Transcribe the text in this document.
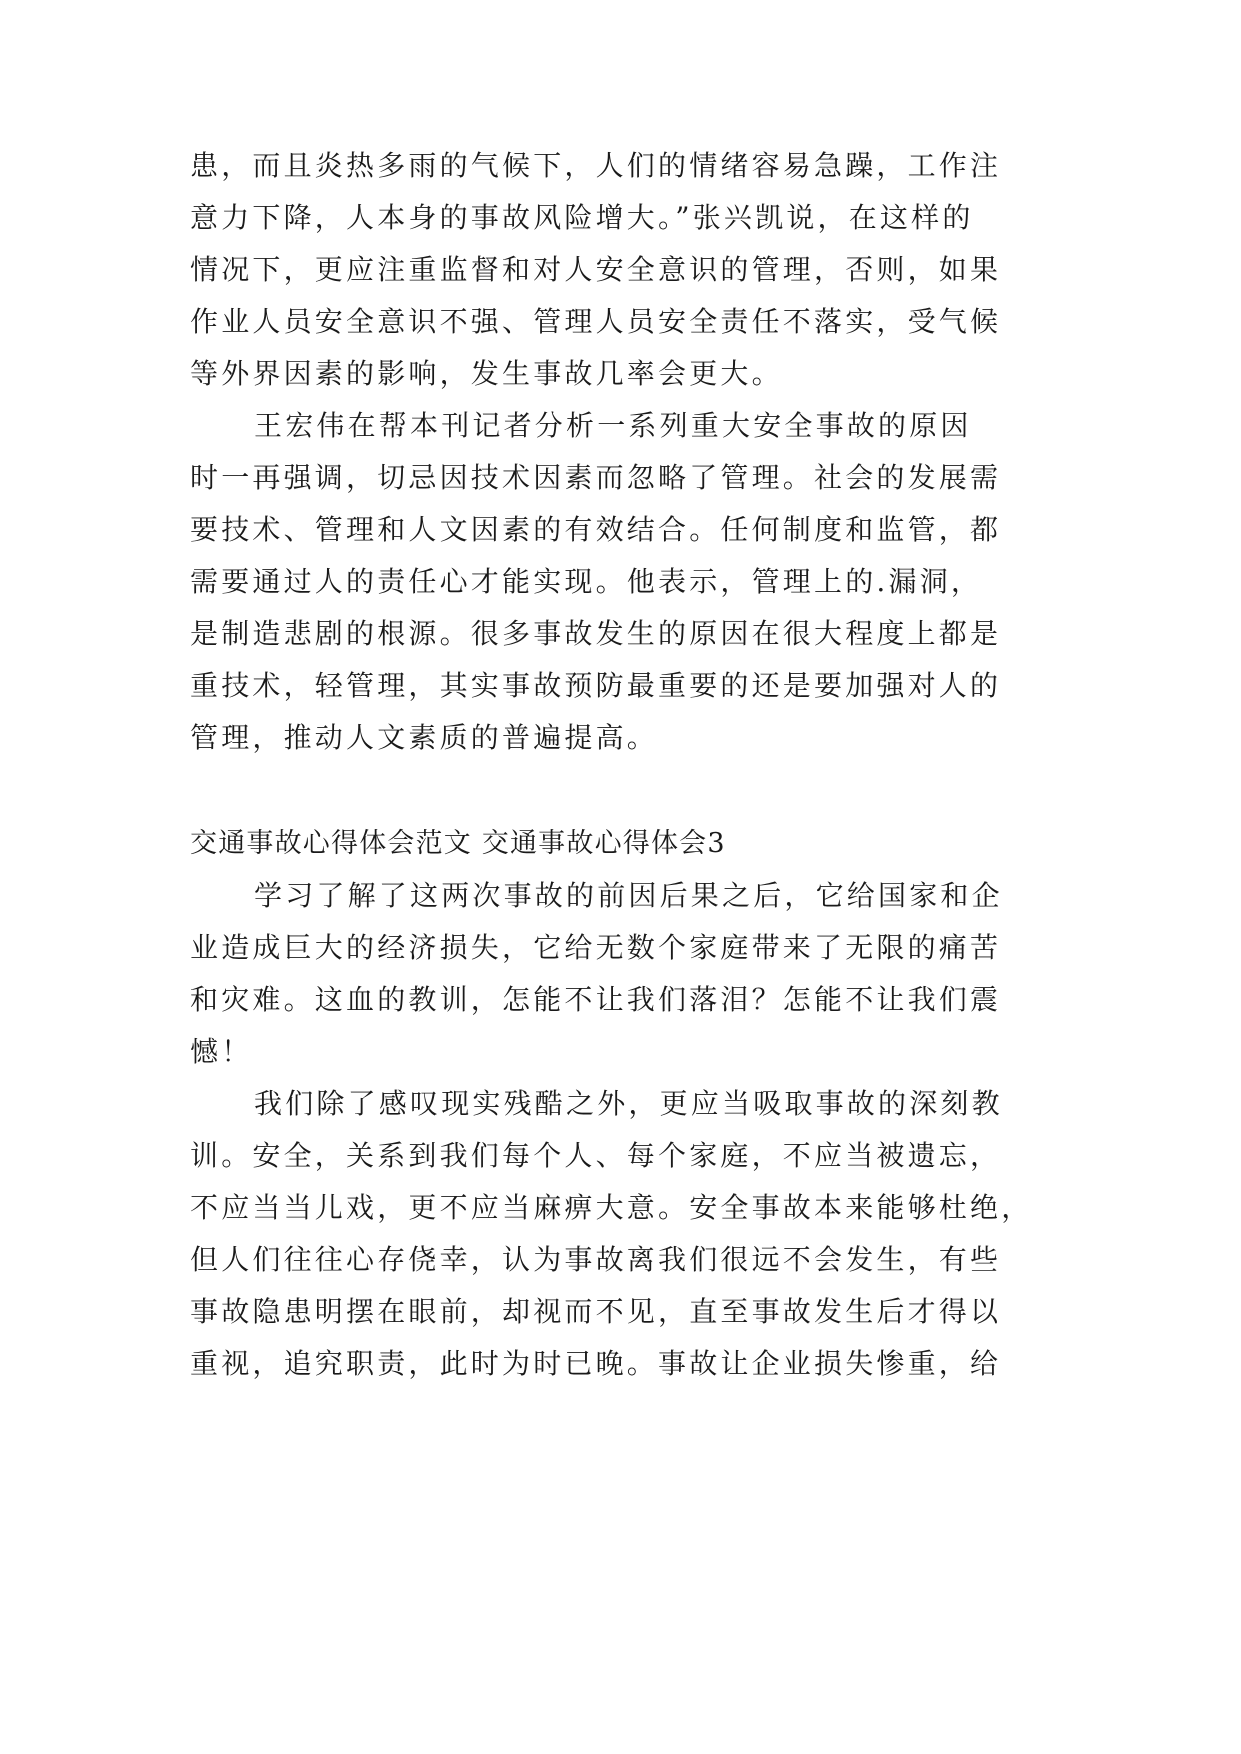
患，而且炎热多雨的气候下，人们的情绪容易急躁，工作注
意力下降，人本身的事故风险增大。”张兴凯说，在这样的
情况下，更应注重监督和对人安全意识的管理，否则，如果
作业人员安全意识不强、管理人员安全责任不落实，受气候
等外界因素的影响，发生事故几率会更大。
王宏伟在帮本刊记者分析一系列重大安全事故的原因
时一再强调，切忌因技术因素而忽略了管理。社会的发展需
要技术、管理和人文因素的有效结合。任何制度和监管，都
需要通过人的责任心才能实现。他表示，管理上的.漏洞，
是制造悲剧的根源。很多事故发生的原因在很大程度上都是
重技术，轻管理，其实事故预防最重要的还是要加强对人的
管理，推动人文素质的普遍提高。
交通事故心得体会范文 交通事故心得体会3
学习了解了这两次事故的前因后果之后，它给国家和企
业造成巨大的经济损失，它给无数个家庭带来了无限的痛苦
和灾难。这血的教训，怎能不让我们落泪？怎能不让我们震
憾！
我们除了感叹现实残酷之外，更应当吸取事故的深刻教
训。安全，关系到我们每个人、每个家庭，不应当被遗忘，
不应当当儿戏，更不应当麻痹大意。安全事故本来能够杜绝，
但人们往往心存侥幸，认为事故离我们很远不会发生，有些
事故隐患明摆在眼前，却视而不见，直至事故发生后才得以
重视，追究职责，此时为时已晚。事故让企业损失惨重，给
